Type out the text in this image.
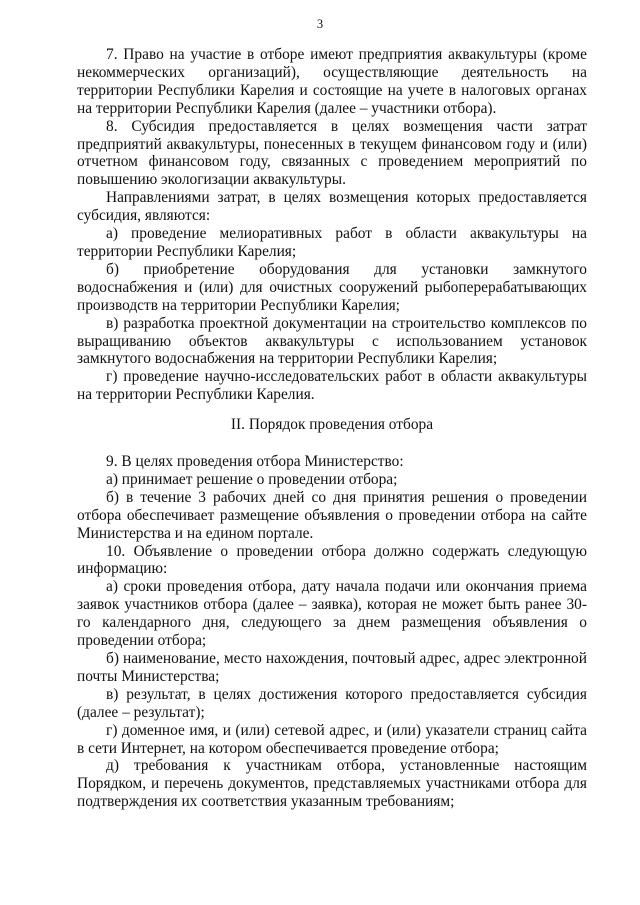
3

7. Право на участие в отборе имеют предприятия аквакультуры (кроме некоммерческих организаций), осуществляющие деятельность на территории Республики Карелия и состоящие на учете в налоговых органах на территории Республики Карелия (далее – участники отбора).

8. Субсидия предоставляется в целях возмещения части затрат предприятий аквакультуры, понесенных в текущем финансовом году и (или) отчетном финансовом году, связанных с проведением мероприятий по повышению экологизации аквакультуры.

Направлениями затрат, в целях возмещения которых предоставляется субсидия, являются:

а) проведение мелиоративных работ в области аквакультуры на территории Республики Карелия;

б) приобретение оборудования для установки замкнутого водоснабжения и (или) для очистных сооружений рыбоперерабатывающих производств на территории Республики Карелия;

в) разработка проектной документации на строительство комплексов по выращиванию объектов аквакультуры с использованием установок замкнутого водоснабжения на территории Республики Карелия;

г) проведение научно-исследовательских работ в области аквакультуры на территории Республики Карелия.

II. Порядок проведения отбора

9. В целях проведения отбора Министерство:

а) принимает решение о проведении отбора;

б) в течение 3 рабочих дней со дня принятия решения о проведении отбора обеспечивает размещение объявления о проведении отбора на сайте Министерства и на едином портале.

10. Объявление о проведении отбора должно содержать следующую информацию:

а) сроки проведения отбора, дату начала подачи или окончания приема заявок участников отбора (далее – заявка), которая не может быть ранее 30-го календарного дня, следующего за днем размещения объявления о проведении отбора;

б) наименование, место нахождения, почтовый адрес, адрес электронной почты Министерства;

в) результат, в целях достижения которого предоставляется субсидия (далее – результат);

г) доменное имя, и (или) сетевой адрес, и (или) указатели страниц сайта в сети Интернет, на котором обеспечивается проведение отбора;

д) требования к участникам отбора, установленные настоящим Порядком, и перечень документов, представляемых участниками отбора для подтверждения их соответствия указанным требованиям;
